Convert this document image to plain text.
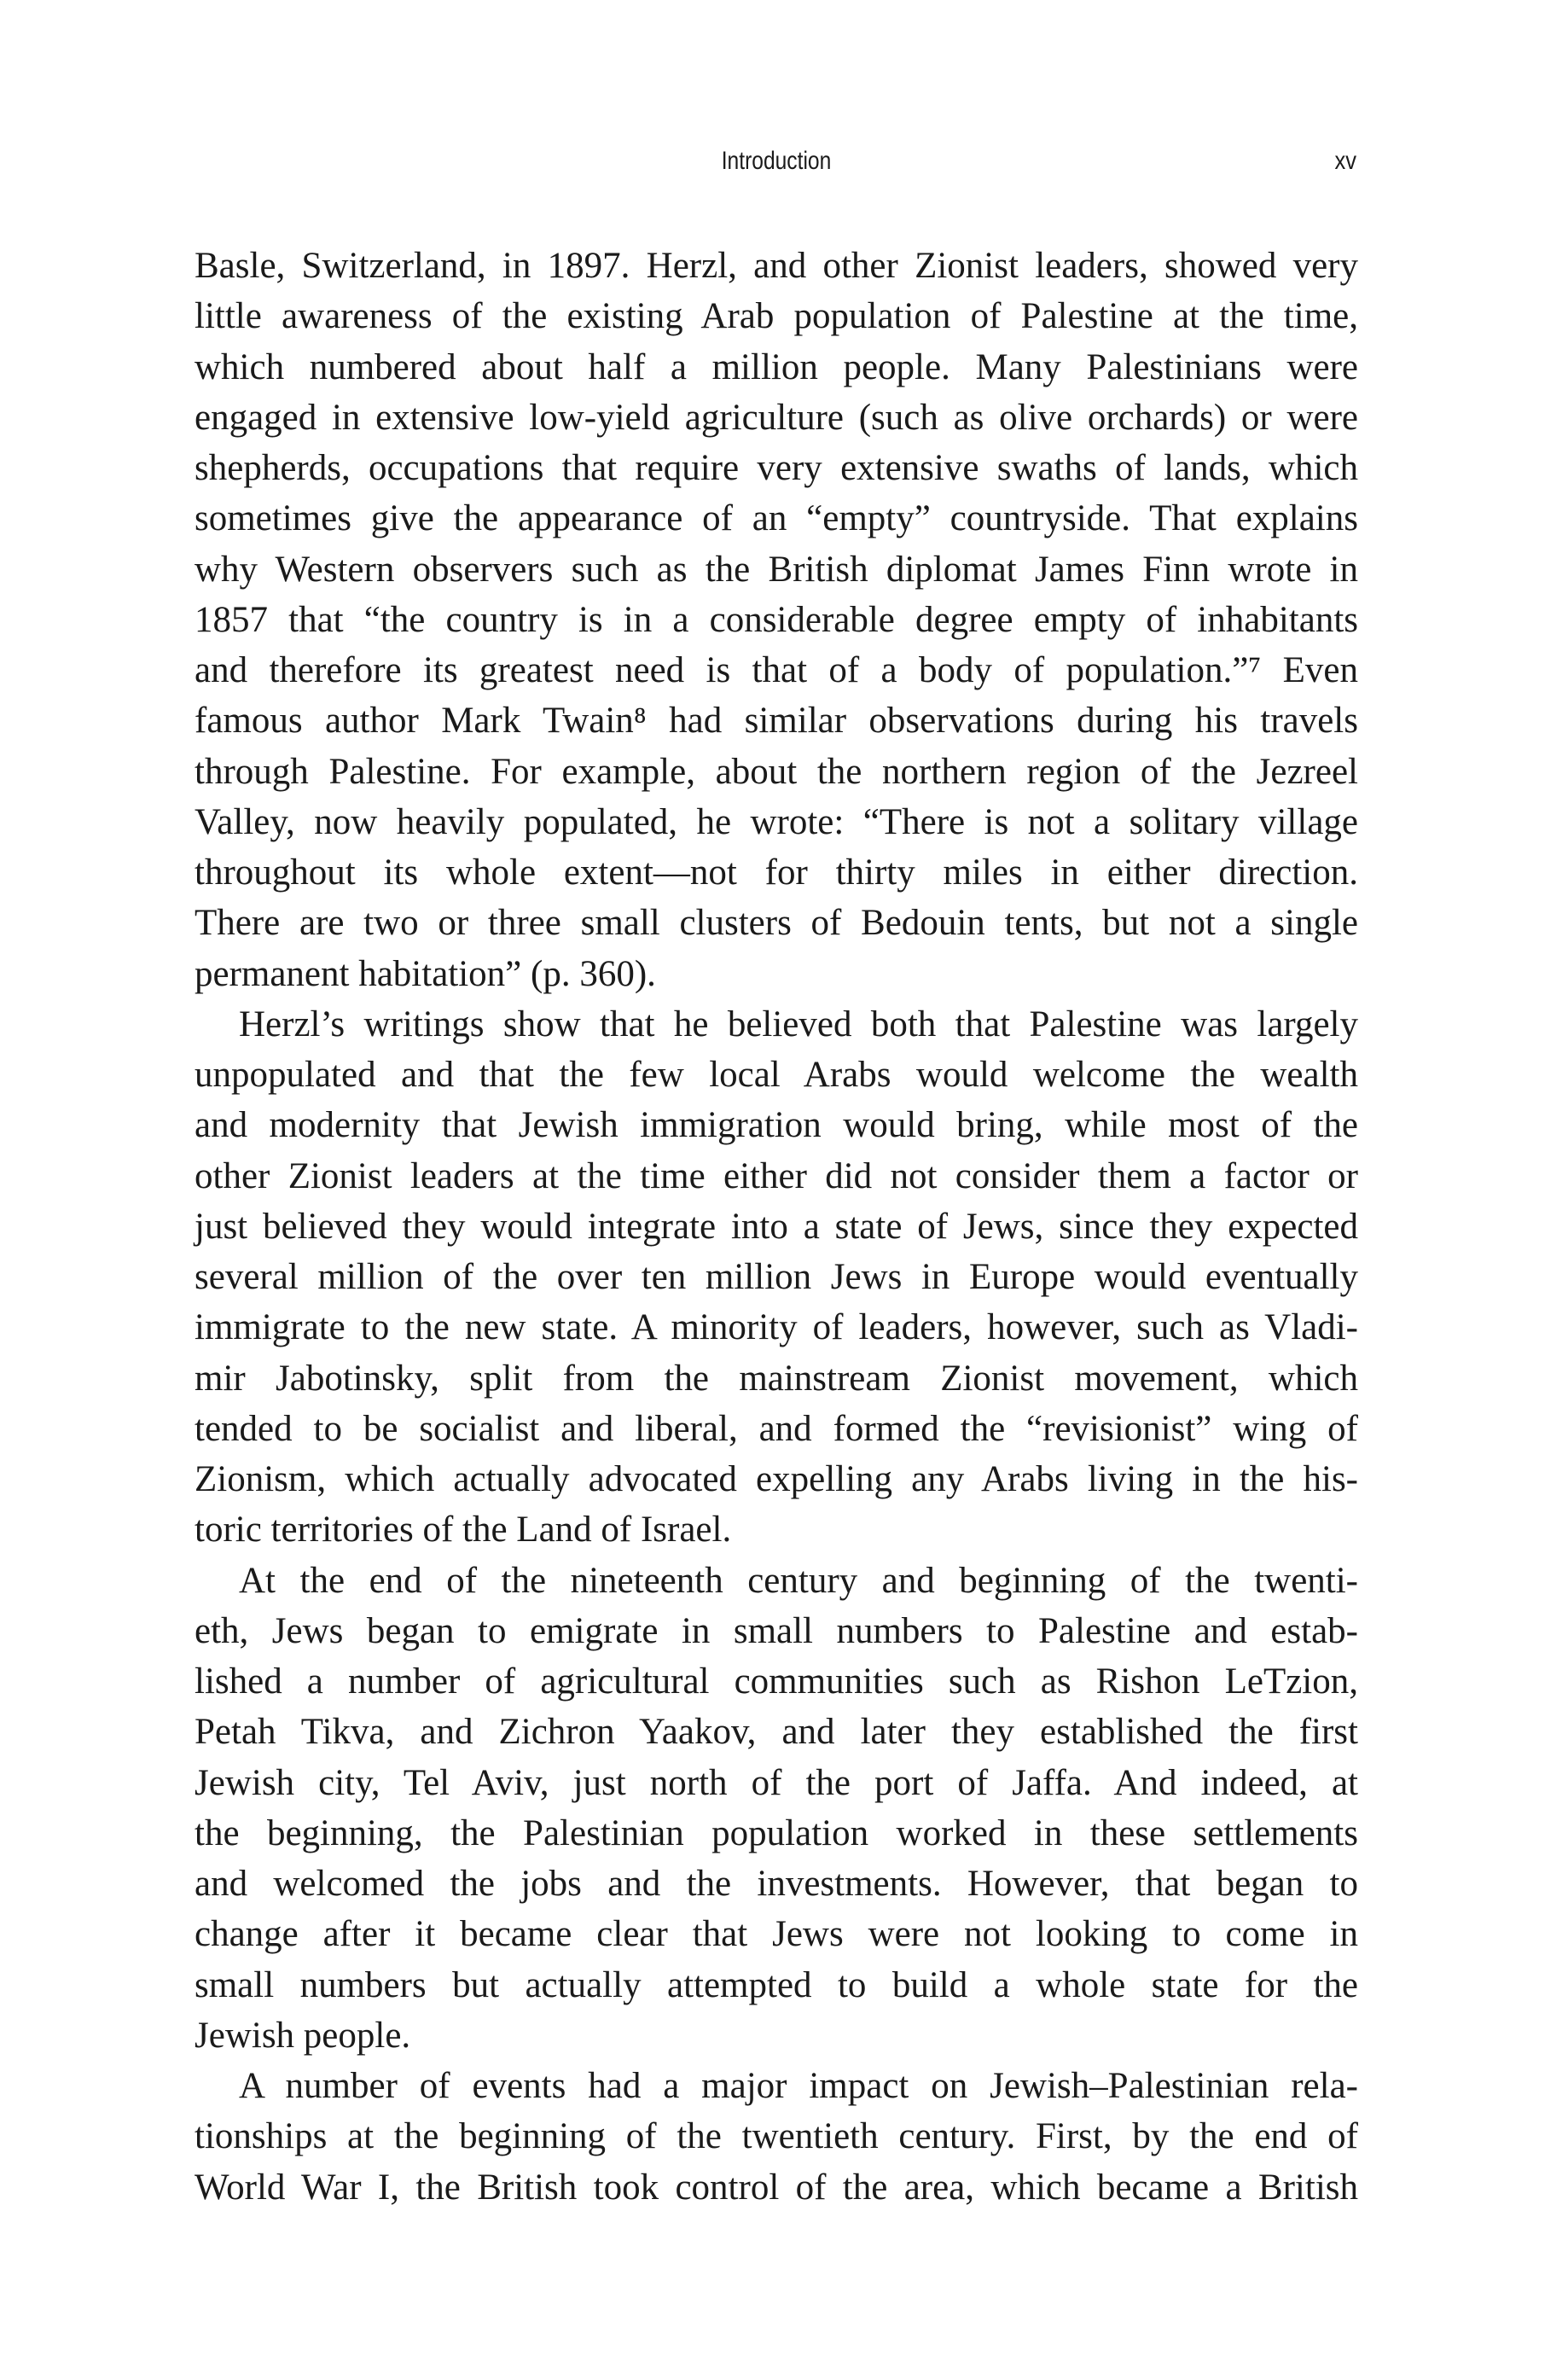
Introduction	xv
Basle, Switzerland, in 1897. Herzl, and other Zionist leaders, showed very
little awareness of the existing Arab population of Palestine at the time,
which numbered about half a million people. Many Palestinians were
engaged in extensive low-yield agriculture (such as olive orchards) or were
shepherds, occupations that require very extensive swaths of lands, which
sometimes give the appearance of an “empty” countryside. That explains
why Western observers such as the British diplomat James Finn wrote in
1857 that “the country is in a considerable degree empty of inhabitants
and therefore its greatest need is that of a body of population.”⁷ Even
famous author Mark Twain⁸ had similar observations during his travels
through Palestine. For example, about the northern region of the Jezreel
Valley, now heavily populated, he wrote: “There is not a solitary village
throughout its whole extent—not for thirty miles in either direction.
There are two or three small clusters of Bedouin tents, but not a single
permanent habitation” (p. 360).
Herzl’s writings show that he believed both that Palestine was largely
unpopulated and that the few local Arabs would welcome the wealth
and modernity that Jewish immigration would bring, while most of the
other Zionist leaders at the time either did not consider them a factor or
just believed they would integrate into a state of Jews, since they expected
several million of the over ten million Jews in Europe would eventually
immigrate to the new state. A minority of leaders, however, such as Vladi-
mir Jabotinsky, split from the mainstream Zionist movement, which
tended to be socialist and liberal, and formed the “revisionist” wing of
Zionism, which actually advocated expelling any Arabs living in the his-
toric territories of the Land of Israel.
At the end of the nineteenth century and beginning of the twenti-
eth, Jews began to emigrate in small numbers to Palestine and estab-
lished a number of agricultural communities such as Rishon LeTzion,
Petah Tikva, and Zichron Yaakov, and later they established the first
Jewish city, Tel Aviv, just north of the port of Jaffa. And indeed, at
the beginning, the Palestinian population worked in these settlements
and welcomed the jobs and the investments. However, that began to
change after it became clear that Jews were not looking to come in
small numbers but actually attempted to build a whole state for the
Jewish people.
A number of events had a major impact on Jewish–Palestinian rela-
tionships at the beginning of the twentieth century. First, by the end of
World War I, the British took control of the area, which became a British
